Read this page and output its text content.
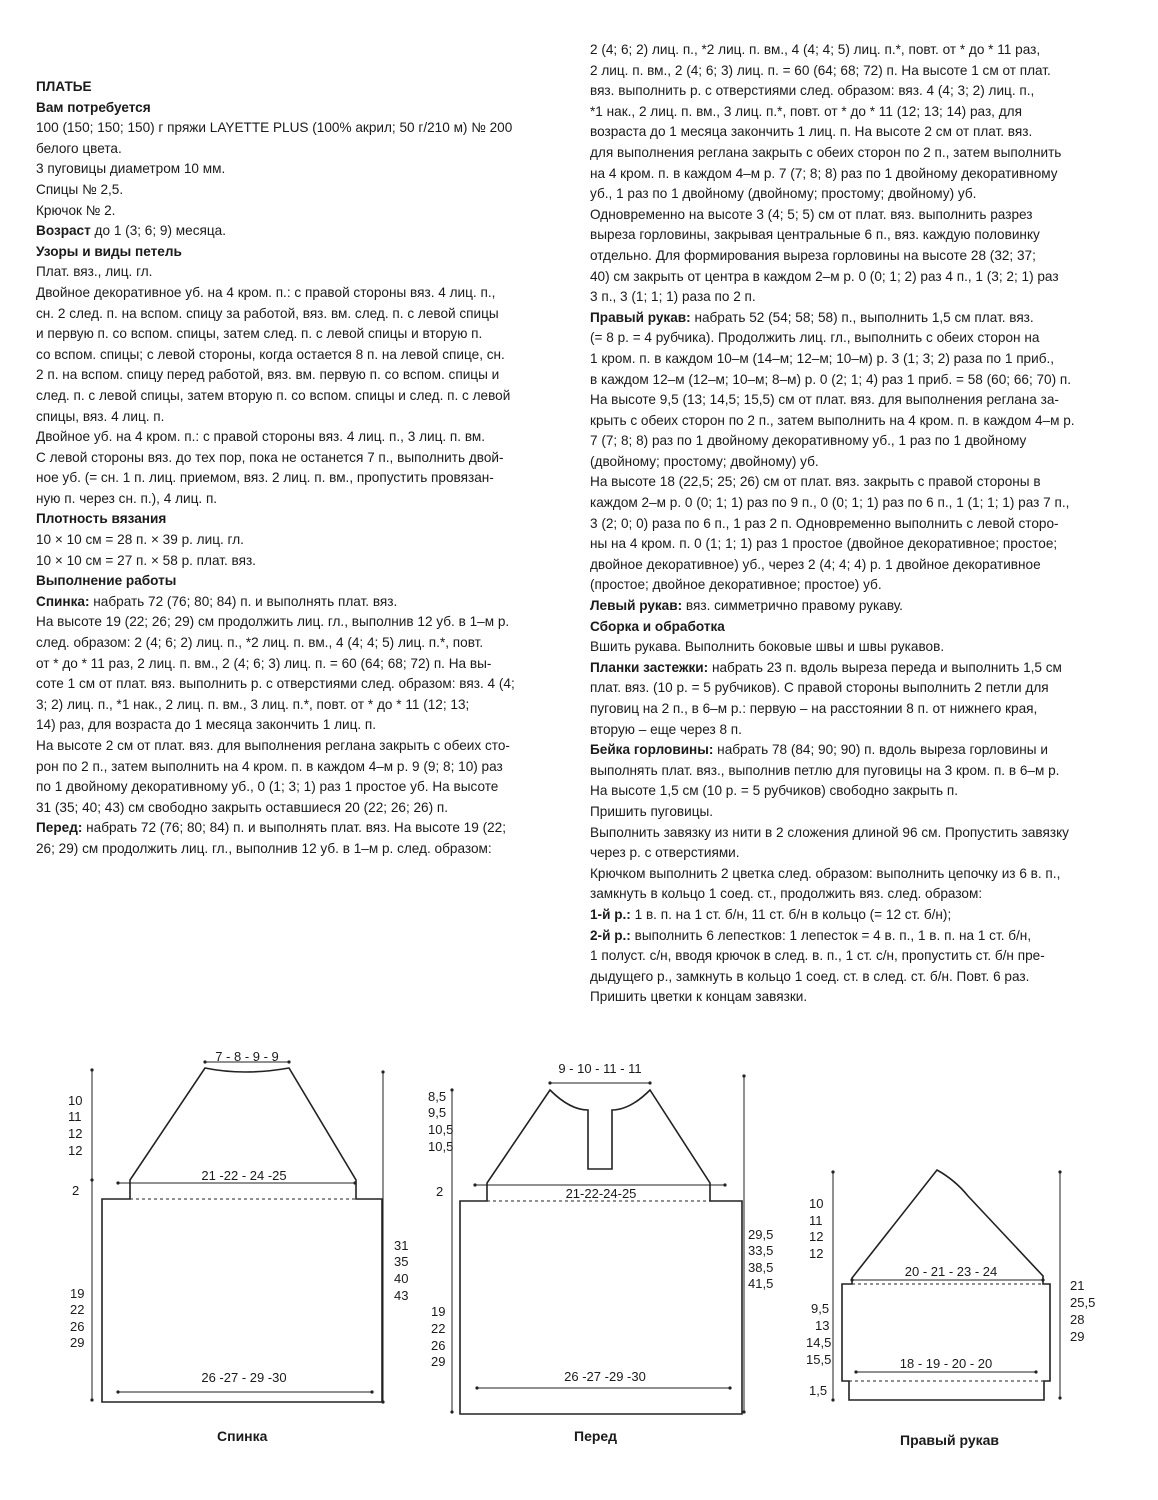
ПЛАТЬЕ

Вам потребуется

100 (150; 150; 150) г пряжи LAYETTE PLUS (100% акрил; 50 г/210 м) № 200
белого цвета.

3 пуговицы диаметром 10 мм.

Спицы № 2,5.

Крючок № 2.

Возраст до 1 (3; 6; 9) месяца.

Узоры и виды петель

Плат. вяз., лиц. гл.

Двойное декоративное уб. на 4 кром. п.: с правой стороны вяз. 4 лиц. п.,
сн. 2 след. п. на вспом. спицу за работой, вяз. вм. след. п. с левой спицы
и первую п. со вспом. спицы, затем след. п. с левой спицы и вторую п.
со вспом. спицы; с левой стороны, когда остается 8 п. на левой спице, сн.
2 п. на вспом. спицу перед работой, вяз. вм. первую п. со вспом. спицы и
след. п. с левой спицы, затем вторую п. со вспом. спицы и след. п. с левой
спицы, вяз. 4 лиц. п.

Двойное уб. на 4 кром. п.: с правой стороны вяз. 4 лиц. п., 3 лиц. п. вм.
С левой стороны вяз. до тех пор, пока не останется 7 п., выполнить двой-
ное уб. (= сн. 1 п. лиц. приемом, вяз. 2 лиц. п. вм., пропустить провязан-
ную п. через сн. п.), 4 лиц. п.

Плотность вязания

10 × 10 см = 28 п. × 39 р. лиц. гл.

10 × 10 см = 27 п. × 58 р. плат. вяз.

Выполнение работы

Спинка: набрать 72 (76; 80; 84) п. и выполнять плат. вяз.
На высоте 19 (22; 26; 29) см продолжить лиц. гл., выполнив 12 уб. в 1–м р.
след. образом: 2 (4; 6; 2) лиц. п., *2 лиц. п. вм., 4 (4; 4; 5) лиц. п.*, повт.
от * до * 11 раз, 2 лиц. п. вм., 2 (4; 6; 3) лиц. п. = 60 (64; 68; 72) п. На вы-
соте 1 см от плат. вяз. выполнить р. с отверстиями след. образом: вяз. 4 (4;
3; 2) лиц. п., *1 нак., 2 лиц. п. вм., 3 лиц. п.*, повт. от * до * 11 (12; 13;
14) раз, для возраста до 1 месяца закончить 1 лиц. п.

На высоте 2 см от плат. вяз. для выполнения реглана закрыть с обеих сто-
рон по 2 п., затем выполнить на 4 кром. п. в каждом 4–м р. 9 (9; 8; 10) раз
по 1 двойному декоративному уб., 0 (1; 3; 1) раз 1 простое уб. На высоте
31 (35; 40; 43) см свободно закрыть оставшиеся 20 (22; 26; 26) п.

Перед: набрать 72 (76; 80; 84) п. и выполнять плат. вяз. На высоте 19 (22;
26; 29) см продолжить лиц. гл., выполнив 12 уб. в 1–м р. след. образом:

2 (4; 6; 2) лиц. п., *2 лиц. п. вм., 4 (4; 4; 5) лиц. п.*, повт. от * до * 11 раз,
2 лиц. п. вм., 2 (4; 6; 3) лиц. п. = 60 (64; 68; 72) п. На высоте 1 см от плат.
вяз. выполнить р. с отверстиями след. образом: вяз. 4 (4; 3; 2) лиц. п.,
*1 нак., 2 лиц. п. вм., 3 лиц. п.*, повт. от * до * 11 (12; 13; 14) раз, для
возраста до 1 месяца закончить 1 лиц. п. На высоте 2 см от плат. вяз.
для выполнения реглана закрыть с обеих сторон по 2 п., затем выполнить
на 4 кром. п. в каждом 4–м р. 7 (7; 8; 8) раз по 1 двойному декоративному
уб., 1 раз по 1 двойному (двойному; простому; двойному) уб.

Одновременно на высоте 3 (4; 5; 5) см от плат. вяз. выполнить разрез
выреза горловины, закрывая центральные 6 п., вяз. каждую половинку
отдельно. Для формирования выреза горловины на высоте 28 (32; 37;
40) см закрыть от центра в каждом 2–м р. 0 (0; 1; 2) раз 4 п., 1 (3; 2; 1) раз
3 п., 3 (1; 1; 1) раза по 2 п.

Правый рукав: набрать 52 (54; 58; 58) п., выполнить 1,5 см плат. вяз.
(= 8 р. = 4 рубчика). Продолжить лиц. гл., выполнить с обеих сторон на
1 кром. п. в каждом 10–м (14–м; 12–м; 10–м) р. 3 (1; 3; 2) раза по 1 приб.,
в каждом 12–м (12–м; 10–м; 8–м) р. 0 (2; 1; 4) раз 1 приб. = 58 (60; 66; 70) п.
На высоте 9,5 (13; 14,5; 15,5) см от плат. вяз. для выполнения реглана за-
крыть с обеих сторон по 2 п., затем выполнить на 4 кром. п. в каждом 4–м р.
7 (7; 8; 8) раз по 1 двойному декоративному уб., 1 раз по 1 двойному
(двойному; простому; двойному) уб.

На высоте 18 (22,5; 25; 26) см от плат. вяз. закрыть с правой стороны в
каждом 2–м р. 0 (0; 1; 1) раз по 9 п., 0 (0; 1; 1) раз по 6 п., 1 (1; 1; 1) раз 7 п.,
3 (2; 0; 0) раза по 6 п., 1 раз 2 п. Одновременно выполнить с левой сторо-
ны на 4 кром. п. 0 (1; 1; 1) раз 1 простое (двойное декоративное; простое;
двойное декоративное) уб., через 2 (4; 4; 4) р. 1 двойное декоративное
(простое; двойное декоративное; простое) уб.

Левый рукав: вяз. симметрично правому рукаву.

Сборка и обработка

Вшить рукава. Выполнить боковые швы и швы рукавов.

Планки застежки: набрать 23 п. вдоль выреза переда и выполнить 1,5 см
плат. вяз. (10 р. = 5 рубчиков). С правой стороны выполнить 2 петли для
пуговиц на 2 п., в 6–м р.: первую – на расстоянии 8 п. от нижнего края,
вторую – еще через 8 п.

Бейка горловины: набрать 78 (84; 90; 90) п. вдоль выреза горловины и
выполнять плат. вяз., выполнив петлю для пуговицы на 3 кром. п. в 6–м р.
На высоте 1,5 см (10 р. = 5 рубчиков) свободно закрыть п.

Пришить пуговицы.

Выполнить завязку из нити в 2 сложения длиной 96 см. Пропустить завязку
через р. с отверстиями.

Крючком выполнить 2 цветка след. образом: выполнить цепочку из 6 в. п.,
замкнуть в кольцо 1 соед. ст., продолжить вяз. след. образом:

1-й р.: 1 в. п. на 1 ст. б/н, 11 ст. б/н в кольцо (= 12 ст. б/н);

2-й р.: выполнить 6 лепестков: 1 лепесток = 4 в. п., 1 в. п. на 1 ст. б/н,
1 полуст. с/н, вводя крючок в след. в. п., 1 ст. с/н, пропустить ст. б/н пре-
дыдущего р., замкнуть в кольцо 1 соед. ст. в след. ст. б/н. Повт. 6 раз.

Пришить цветки к концам завязки.

7 - 8 - 9 - 9
21 -22 - 24 -25
26 -27 - 29 -30
10
11
12
12
2
19
22
26
29
31
35
40
43
9 - 10 - 11 - 11
21-22-24-25
26 -27 -29 -30
8,5
9,5
10,5
10,5
2
19
22
26
29
29,5
33,5
38,5
41,5
20 - 21 - 23 - 24
18 - 19 - 20 - 20
10
11
12
12
9,5
13
14,5
15,5
1,5
21
25,5
28
29
Спинка	Перед	Правый рукав
